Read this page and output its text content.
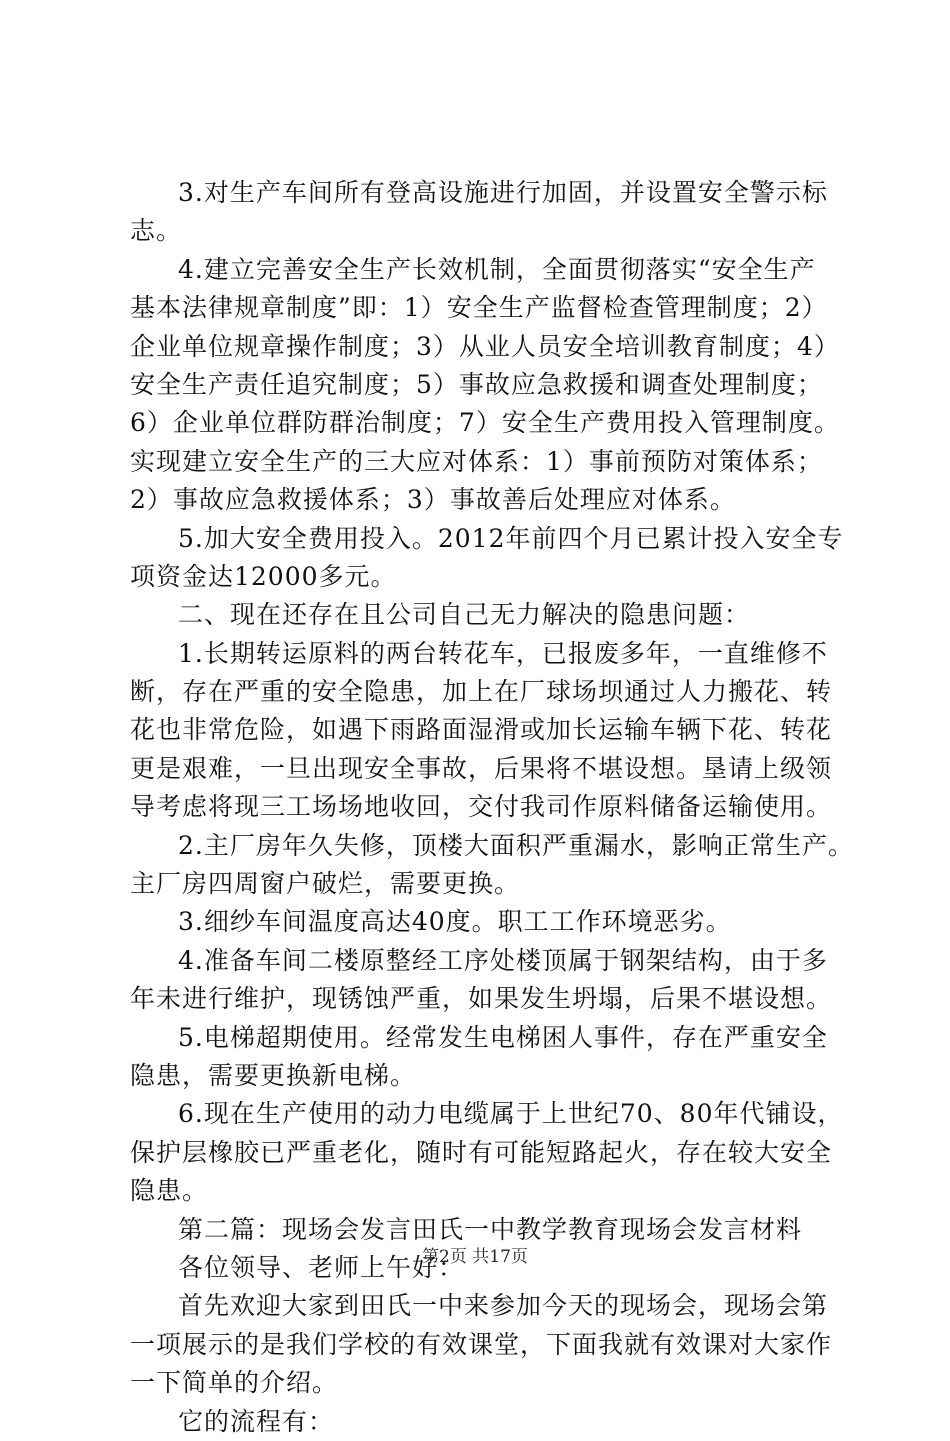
3.对生产车间所有登高设施进行加固，并设置安全警示标
志。
4.建立完善安全生产长效机制，全面贯彻落实“安全生产
基本法律规章制度”即：1）安全生产监督检查管理制度；2）
企业单位规章操作制度；3）从业人员安全培训教育制度；4）
安全生产责任追究制度；5）事故应急救援和调查处理制度；
6）企业单位群防群治制度；7）安全生产费用投入管理制度。
实现建立安全生产的三大应对体系：1）事前预防对策体系；
2）事故应急救援体系；3）事故善后处理应对体系。
5.加大安全费用投入。2012年前四个月已累计投入安全专
项资金达12000多元。
二、现在还存在且公司自己无力解决的隐患问题：
1.长期转运原料的两台转花车，已报废多年，一直维修不
断，存在严重的安全隐患，加上在厂球场坝通过人力搬花、转
花也非常危险，如遇下雨路面湿滑或加长运输车辆下花、转花
更是艰难，一旦出现安全事故，后果将不堪设想。垦请上级领
导考虑将现三工场场地收回，交付我司作原料储备运输使用。
2.主厂房年久失修，顶楼大面积严重漏水，影响正常生产。
主厂房四周窗户破烂，需要更换。
3.细纱车间温度高达40度。职工工作环境恶劣。
4.准备车间二楼原整经工序处楼顶属于钢架结构，由于多
年未进行维护，现锈蚀严重，如果发生坍塌，后果不堪设想。
5.电梯超期使用。经常发生电梯困人事件，存在严重安全
隐患，需要更换新电梯。
6.现在生产使用的动力电缆属于上世纪70、80年代铺设，
保护层橡胶已严重老化，随时有可能短路起火，存在较大安全
隐患。
第二篇：现场会发言田氏一中教学教育现场会发言材料
各位领导、老师上午好：
首先欢迎大家到田氏一中来参加今天的现场会，现场会第
一项展示的是我们学校的有效课堂，下面我就有效课对大家作
一下简单的介绍。
它的流程有：
第2页 共17页
